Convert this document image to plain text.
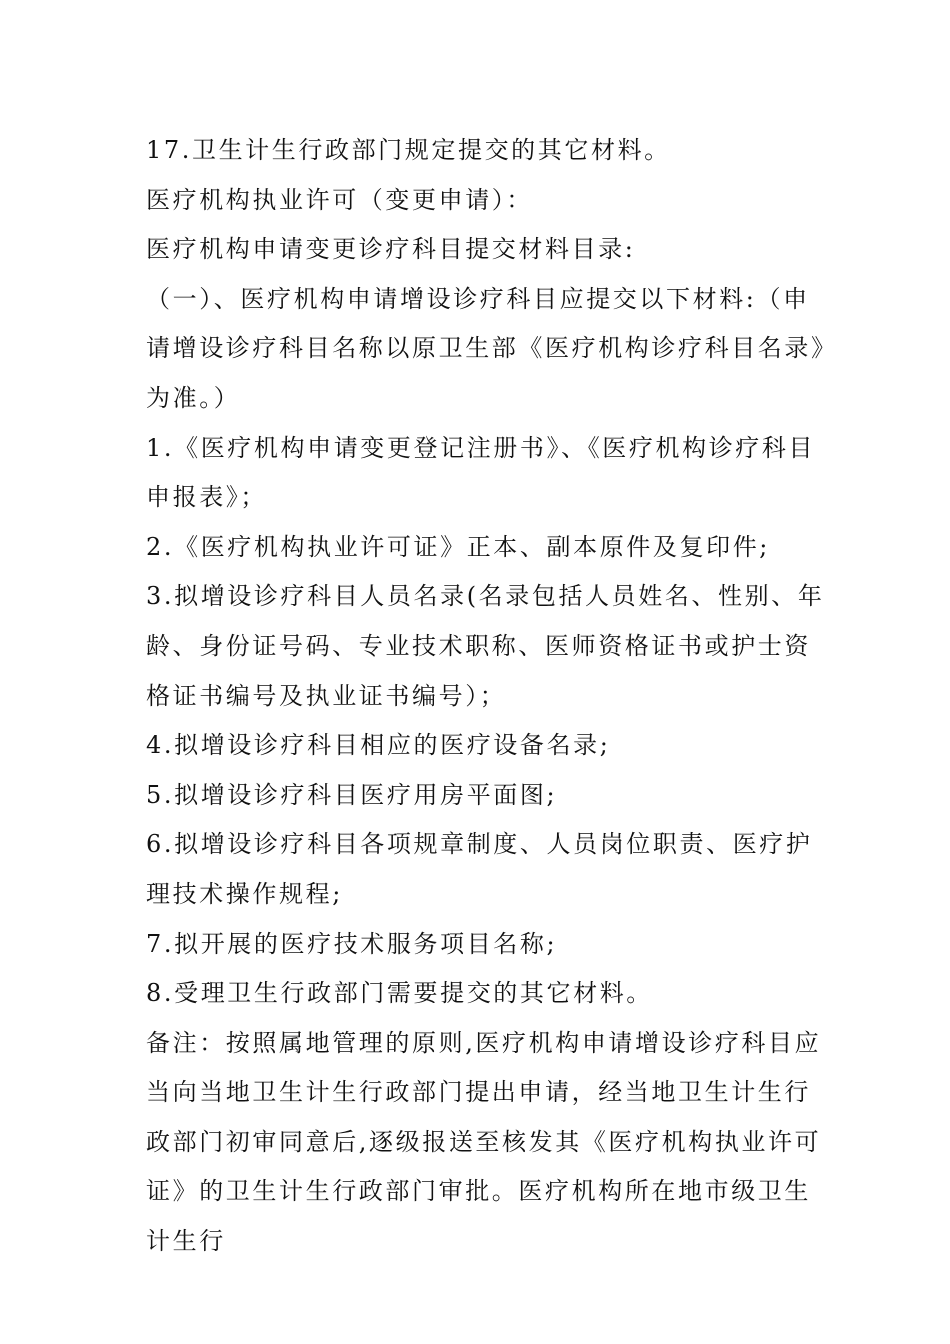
17.卫生计生行政部门规定提交的其它材料。

医疗机构执业许可（变更申请）：

医疗机构申请变更诊疗科目提交材料目录:

（一）、医疗机构申请增设诊疗科目应提交以下材料:（申请增设诊疗科目名称以原卫生部《医疗机构诊疗科目名录》为准。）

1.《医疗机构申请变更登记注册书》、《医疗机构诊疗科目申报表》；

2.《医疗机构执业许可证》正本、副本原件及复印件;

3.拟增设诊疗科目人员名录(名录包括人员姓名、性别、年龄、身份证号码、专业技术职称、医师资格证书或护士资格证书编号及执业证书编号）；

4.拟增设诊疗科目相应的医疗设备名录;

5.拟增设诊疗科目医疗用房平面图;

6.拟增设诊疗科目各项规章制度、人员岗位职责、医疗护理技术操作规程;

7.拟开展的医疗技术服务项目名称;

8.受理卫生行政部门需要提交的其它材料。

备注：按照属地管理的原则,医疗机构申请增设诊疗科目应当向当地卫生计生行政部门提出申请，经当地卫生计生行政部门初审同意后,逐级报送至核发其《医疗机构执业许可证》的卫生计生行政部门审批。医疗机构所在地市级卫生计生行
